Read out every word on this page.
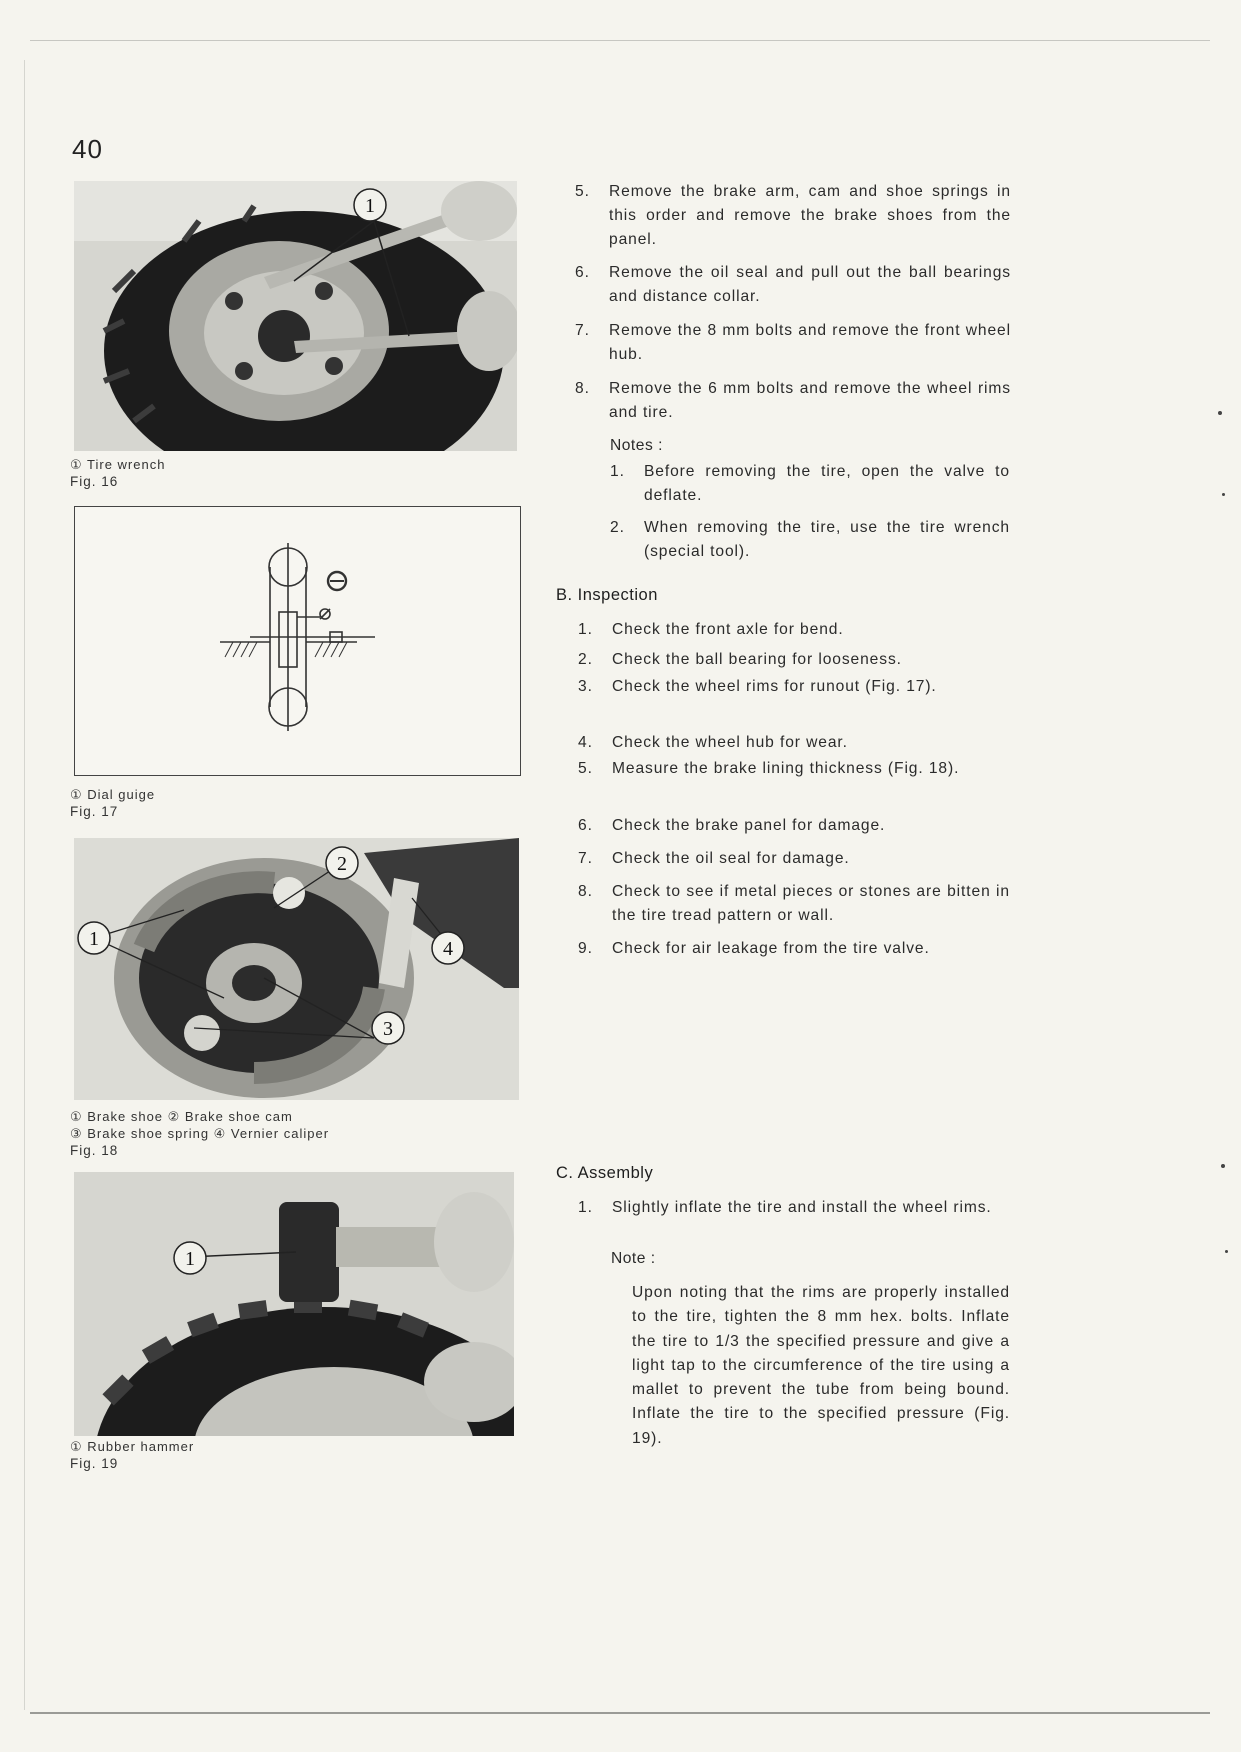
40
1
① Tire wrench
Fig. 16
① Dial guige
Fig. 17
1
2
3
4
① Brake shoe ② Brake shoe cam
③ Brake shoe spring ④ Vernier caliper
Fig. 18
1
① Rubber hammer
Fig. 19
5.	Remove the brake arm, cam and shoe springs in this order and remove the brake shoes from the panel.
6.	Remove the oil seal and pull out the ball bearings and distance collar.
7.	Remove the 8 mm bolts and remove the front wheel hub.
8.	Remove the 6 mm bolts and remove the wheel rims and tire.
Notes :
1. Before removing the tire, open the valve to deflate.
2. When removing the tire, use the tire wrench (special tool).
B. Inspection
1.	Check the front axle for bend.
2.	Check the ball bearing for looseness.
3.	Check the wheel rims for runout (Fig. 17).
4.	Check the wheel hub for wear.
5.	Measure the brake lining thickness (Fig. 18).
6.	Check the brake panel for damage.
7.	Check the oil seal for damage.
8.	Check to see if metal pieces or stones are bitten in the tire tread pattern or wall.
9.	Check for air leakage from the tire valve.
C. Assembly
1.	Slightly inflate the tire and install the wheel rims.
Note :
Upon noting that the rims are properly installed to the tire, tighten the 8 mm hex. bolts. Inflate the tire to 1/3 the specified pressure and give a light tap to the circumference of the tire using a mallet to prevent the tube from being bound. Inflate the tire to the specified pressure (Fig. 19).
